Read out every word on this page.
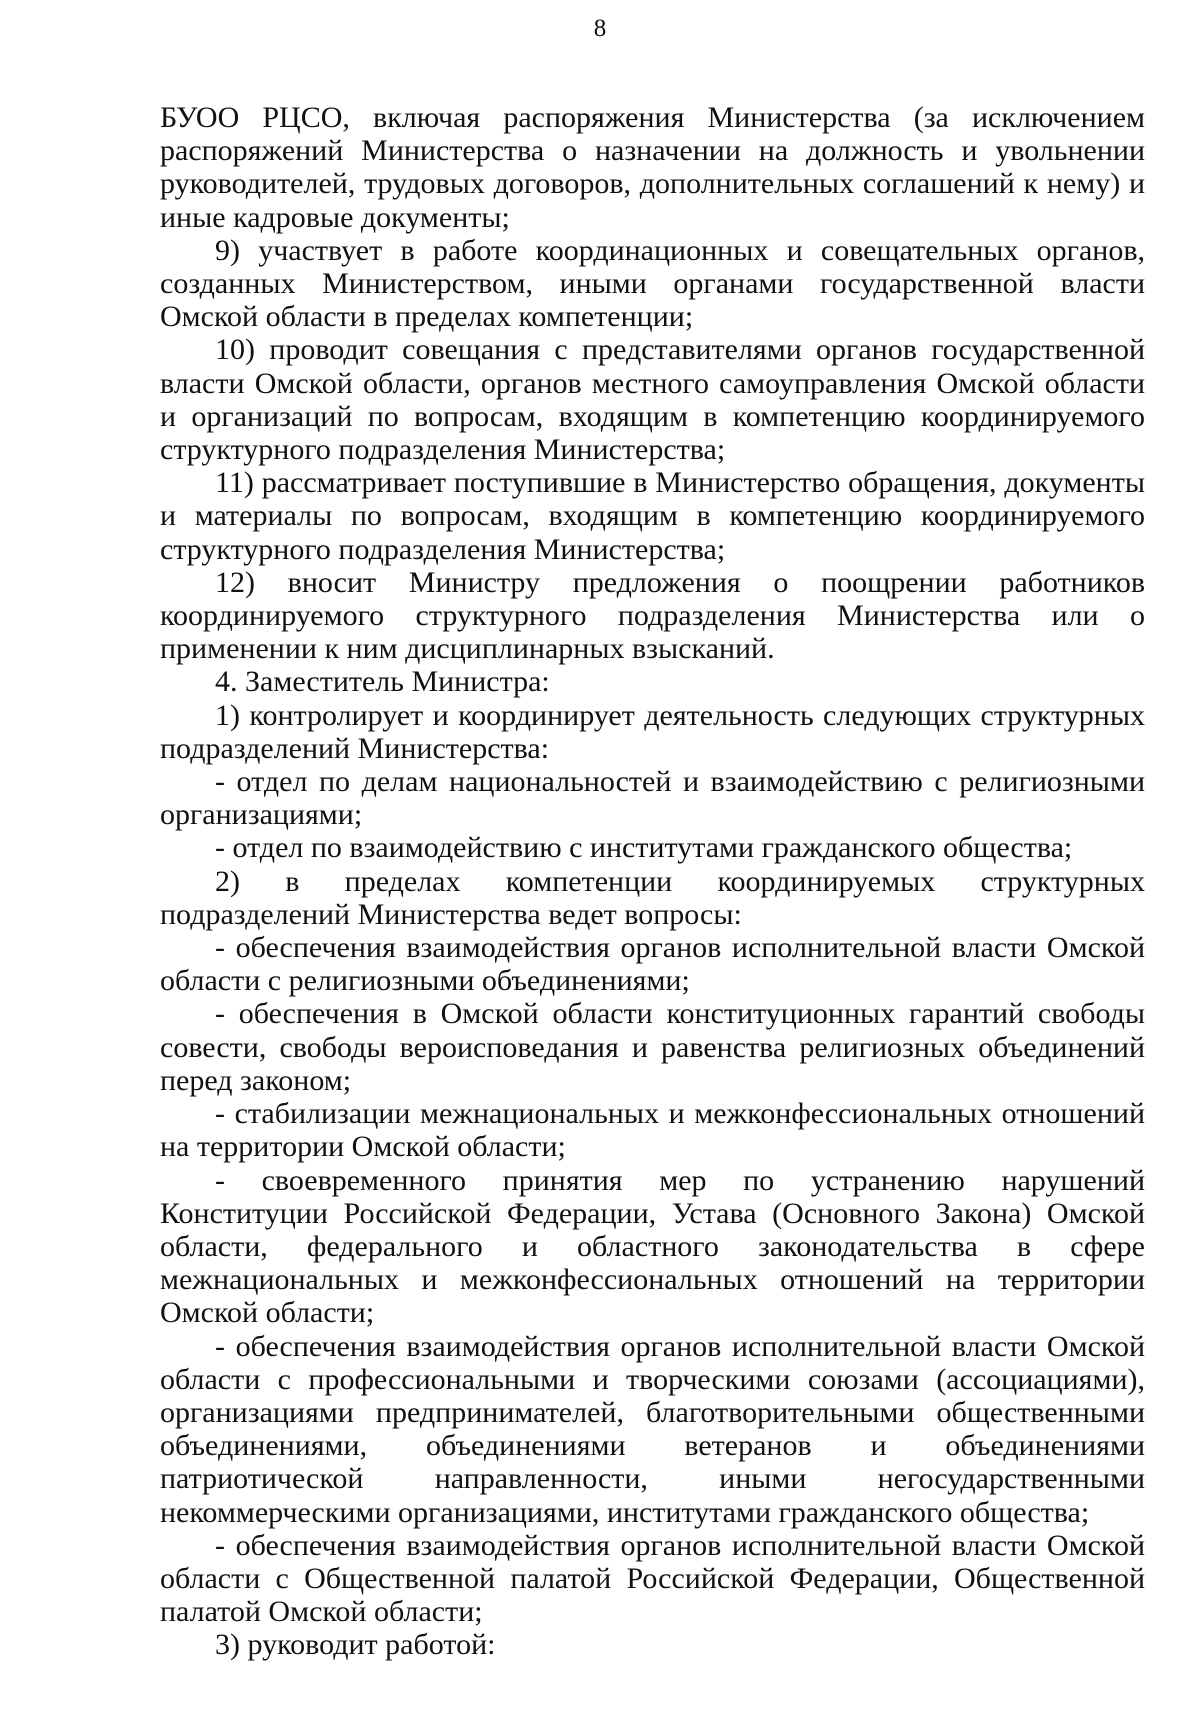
8

БУОО РЦСО, включая распоряжения Министерства (за исключением распоряжений Министерства о назначении на должность и увольнении руководителей, трудовых договоров, дополнительных соглашений к нему) и иные кадровые документы;

9) участвует в работе координационных и совещательных органов, созданных Министерством, иными органами государственной власти Омской области в пределах компетенции;

10) проводит совещания с представителями органов государственной власти Омской области, органов местного самоуправления Омской области и организаций по вопросам, входящим в компетенцию координируемого структурного подразделения Министерства;

11) рассматривает поступившие в Министерство обращения, документы и материалы по вопросам, входящим в компетенцию координируемого структурного подразделения Министерства;

12) вносит Министру предложения о поощрении работников координируемого структурного подразделения Министерства или о применении к ним дисциплинарных взысканий.

4. Заместитель Министра:

1) контролирует и координирует деятельность следующих структурных подразделений Министерства:

- отдел по делам национальностей и взаимодействию с религиозными организациями;

- отдел по взаимодействию с институтами гражданского общества;

2) в пределах компетенции координируемых структурных подразделений Министерства ведет вопросы:

- обеспечения взаимодействия органов исполнительной власти Омской области с религиозными объединениями;

- обеспечения в Омской области конституционных гарантий свободы совести, свободы вероисповедания и равенства религиозных объединений перед законом;

- стабилизации межнациональных и межконфессиональных отношений на территории Омской области;

- своевременного принятия мер по устранению нарушений Конституции Российской Федерации, Устава (Основного Закона) Омской области, федерального и областного законодательства в сфере межнациональных и межконфессиональных отношений на территории Омской области;

- обеспечения взаимодействия органов исполнительной власти Омской области с профессиональными и творческими союзами (ассоциациями), организациями предпринимателей, благотворительными общественными объединениями, объединениями ветеранов и объединениями патриотической направленности, иными негосударственными некоммерческими организациями, институтами гражданского общества;

- обеспечения взаимодействия органов исполнительной власти Омской области с Общественной палатой Российской Федерации, Общественной палатой Омской области;

3) руководит работой:
